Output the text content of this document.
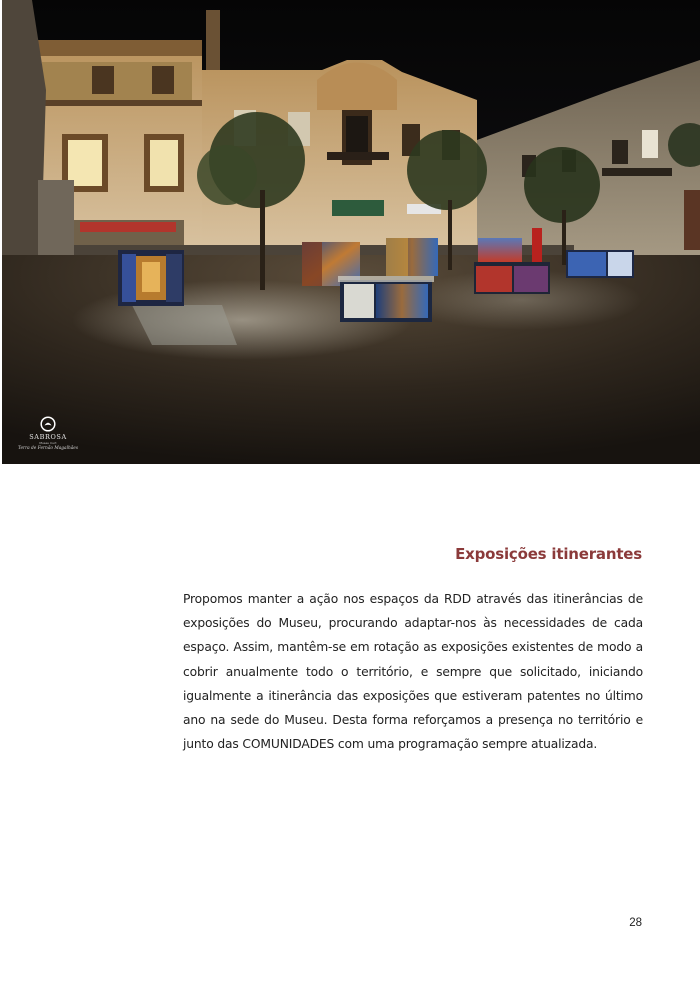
SABROSA
Museu Curt
Terra de Fernão Magalhães
Exposições itinerantes

Propomos manter a ação nos espaços da RDD através das itinerâncias de exposições do Museu, procurando adaptar-nos às necessidades de cada espaço. Assim, mantêm-se em rotação as exposições existentes de modo a cobrir anualmente todo o território, e sempre que solicitado, iniciando igualmente a itinerância das exposições que estiveram patentes no último ano na sede do Museu. Desta forma reforçamos a presença no território e junto das COMUNIDADES com uma programação sempre atualizada.

28
